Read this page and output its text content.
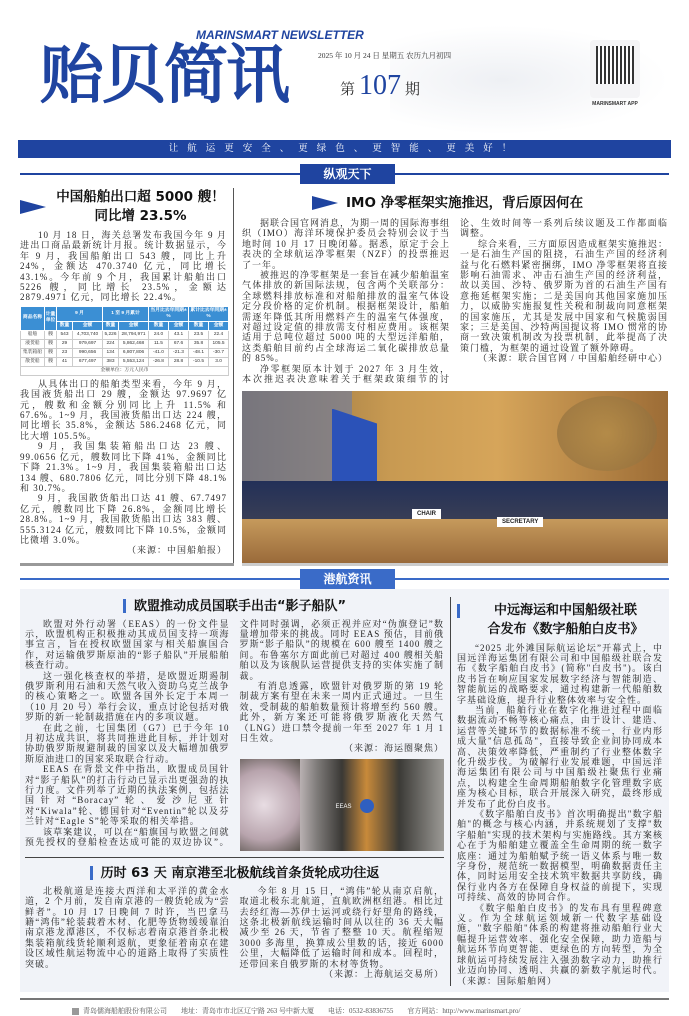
贻贝简讯
MARINSMART NEWSLETTER
2025 年 10 月 24 日 星期五 农历九月初四
第 107 期
MARINSMART APP
让航运更安全、更绿色、更智能、更美好！
纵观天下
中国船舶出口超 5000 艘！
同比增 23.5%

10 月 18 日，海关总署发布我国今年 9 月进出口商品最新统计月报。统计数据显示，今年 9 月，我国船舶出口 543 艘，同比上升 24%，金额达 470.3740 亿元，同比增长 43.1%。今年前 9 个月，我国累计船舶出口 5226 艘，同比增长 23.5%，金额达 2879.4971 亿元，同比增长 22.4%。

商品名称	计量单位	9 月		1 至 9 月累计		当月比去年同期±%		累计比去年同期±%	
		数量	金额	数量	金额	数量	金额	数量	金额
船舶	艘	543	4,703,740	5,226	28,794,971	24.0	43.1	23.5	22.4
液货船	艘	29	979,697	224	5,862,468	11.5	67.6	35.8	105.5
集装箱船	艘	23	990,656	134	6,807,806	-41.0	-21.3	-48.1	-30.7
散货船	艘	41	677,497	383	5,553,124	-26.8	28.8	-10.5	3.0
金额单位：万元人民币									

从具体出口的船舶类型来看，今年 9 月，我国液货船出口 29 艘，金额达 97.9697 亿元，艘数和金额分别同比上升 11.5% 和 67.6%。1~9 月，我国液货船出口达 224 艘，同比增长 35.8%，金额达 586.2468 亿元，同比大增 105.5%。

9 月，我国集装箱船出口达 23 艘、99.0656 亿元，艘数同比下降 41%，金额同比下降 21.3%。1~9 月，我国集装箱船出口达 134 艘、680.7806 亿元，同比分别下降 48.1% 和 30.7%。

9 月，我国散货船出口达 41 艘、67.7497 亿元，艘数同比下降 26.8%，金额同比增长 28.8%。1~9 月，我国散货船出口达 383 艘、555.3124 亿元，艘数同比下降 10.5%，金额同比微增 3.0%。

（来源：中国船舶报）

IMO 净零框架实施推迟，背后原因何在

据联合国官网消息，为期一周的国际海事组织（IMO）海洋环境保护委员会特别会议于当地时间 10 月 17 日晚闭幕。据悉，原定于会上表决的全球航运净零框架（NZF）的投票推迟了一年。

被推迟的净零框架是一套旨在减少船舶温室气体排放的新国际法规，包含两个关联部分：全球燃料排放标准和对船舶排放的温室气体设定分段价格的定价机制。根据框架设计，船舶需逐年降低其所用燃料产生的温室气体强度，对超过设定值的排放需支付相应费用。该框架适用于总吨位超过 5000 吨的大型远洋船舶，这类船舶目前约占全球海运二氧化碳排放总量的 85%。

净零框架原本计划于 2027 年 3 月生效，本次推迟表决意味着关于框架政策细节的讨论、生效时间等一系列后续议题及工作都面临调整。

综合来看，三方面原因造成框架实施推迟：一是石油生产国的阻挠，石油生产国的经济利益与化石燃料紧密捆绑，IMO 净零框架将直接影响石油需求、冲击石油生产国的经济利益，故以美国、沙特、俄罗斯为首的石油生产国有意拖延框架实施；二是美国向其他国家施加压力，以威胁实施报复性关税和制裁向同意框架的国家施压，尤其是发展中国家和气候脆弱国家；三是美国、沙特两国提议将 IMO 惯常的协商一致决策机制改为投票机制，此举提高了决策门槛，为框架的通过设置了额外障碍。

（来源：联合国官网 / 中国船舶经研中心）

CHAIR
SECRETARY
港航资讯
欧盟推动成员国联手出击“影子船队”

欧盟对外行动署（EEAS）的一份文件显示，欧盟机构正积极推动其成员国支持一项海事宣言，旨在授权欧盟国家与相关船旗国合作，对运输俄罗斯原油的“影子船队”开展船舶核查行动。

这一强化核查权的举措，是欧盟近期遏制俄罗斯利用石油和天然气收入资助乌克兰战争的核心策略之一。欧盟各国外长定于本周一（10 月 20 号）举行会议，重点讨论包括对俄罗斯的新一轮制裁措施在内的多项议题。

在此之前，七国集团（G7）已于今年 10 月初达成共识，将共同推进此目标，并计划对协助俄罗斯规避制裁的国家以及大幅增加俄罗斯原油进口的国家采取联合行动。

EEAS 在背景文件中指出，欧盟成员国针对“影子船队”的打击行动已显示出更强劲的执行力度。文件列举了近期的执法案例，包括法国针对“Boracay”轮、爱沙尼亚针对“Kiwala”轮、德国针对“Eventin”轮以及芬兰针对“Eagle S”轮等采取的相关举措。

该草案建议，可以在“船旗国与欧盟之间就预先授权的登船检查达成可能的双边协议”。文件同时强调，必须正视并应对“伪旗登记”数量增加带来的挑战。同时 EEAS 预估，目前俄罗斯“影子船队”的规模在 600 艘至 1400 艘之间。布鲁塞尔方面此前已对超过 400 艘相关船舶以及为该舰队运营提供支持的实体实施了制裁。

有消息透露，欧盟针对俄罗斯的第 19 轮制裁方案有望在未来一周内正式通过。一旦生效，受制裁的船舶数量预计将增至约 560 艘。此外，新方案还可能将俄罗斯液化天然气（LNG）进口禁令提前一年至 2027 年 1 月 1 日生效。

（来源：海运圈聚焦）

EEAS
历时 63 天 南京港至北极航线首条货轮成功往返

北极航道是连接大西洋和太平洋的黄金水道，2 个月前，发自南京港的一艘货轮成为“尝鲜者”。10 月 17 日晚间 7 时许，当巴拿马籍“鸿伟”轮装载着木材、化肥等货物缓缓靠泊南京港龙潭港区，不仅标志着南京港首条北极集装箱航线货轮顺利返航，更象征着南京在建设区域性航运物流中心的道路上取得了实质性突破。

今年 8 月 15 日，“鸿伟”轮从南京启航，取道北极东北航道，直航欧洲枢纽港。相比过去经红海—苏伊士运河或绕行好望角的路线，这条北极新航线运输时间从以往的 36 天大幅减少至 26 天，节省了整整 10 天。航程缩短 3000 多海里，换算成公里数的话，接近 6000 公里，大幅降低了运输时间和成本。回程时，还带回来自俄罗斯的木材等货物。

（来源：上海航运交易所）

中远海运和中国船级社联
合发布《数字船舶白皮书》

“2025 北外滩国际航运论坛”开幕式上，中国远洋海运集团有限公司和中国船级社联合发布《数字船舶白皮书》(简称"白皮书")。该白皮书旨在响应国家发展数字经济与智能制造、智能航运的战略要求，通过构建新一代船舶数字基础设施，提升行业整体效率与安全性。

当前，船舶行业在数字化推进过程中面临数据流动不畅等核心痛点，由于设计、建造、运营等关键环节的数据标准不统一，行业内形成大量"信息孤岛"，直接导致企业间协同成本高、决策效率降低，严重制约了行业整体数字化升级步伐。为破解行业发展难题，中国远洋海运集团有限公司与中国船级社聚焦行业痛点，以构建全生命周期船舶数字化管理数字底座为核心目标，联合开展深入研究，最终形成并发布了此份白皮书。

《数字船舶白皮书》首次明确提出"数字船舶"的概念与核心内涵，并系统规划了支撑"数字船舶"实现的技术架构与实施路线。其方案核心在于为船舶建立覆盖全生命周期的统一数字底座：通过为船舶赋予统一语义体系与唯一数字身份，规范统一数据模型，明确数据责任主体，同时运用安全技术筑牢数据共享防线，确保行业内各方在保障自身权益的前提下，实现可持续、高效的协同合作。

《数字船舶白皮书》的发布具有里程碑意义。作为全球航运领域新一代数字基础设施，"数字船舶"体系的构建将推动船舶行业大幅提升运营效率、强化安全保障，助力造船与航运环节向更智能、更绿色的方向转型，为全球航运可持续发展注入强劲数字动力，助推行业迈向协同、透明、共赢的新数字航运时代。（来源：国际船舶网）

青岛儒海船舶股份有限公司 地址：青岛市市北区辽宁路 263 号中新大厦 电话：0532-83836755 官方网站：http://www.marinsmart.pro/
